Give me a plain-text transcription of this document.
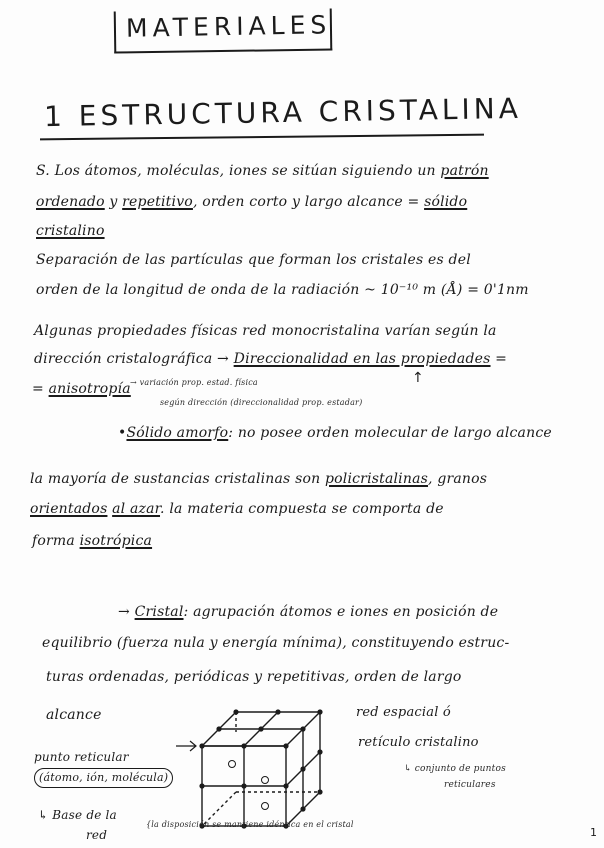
MATERIALES
1 ESTRUCTURA CRISTALINA

S. Los átomos, moléculas, iones se sitúan siguiendo un patrón

ordenado y repetitivo, orden corto y largo alcance = sólido

cristalino

Separación de las partículas que forman los cristales es del

orden de la longitud de onda de la radiación ~ 10⁻¹⁰ m (Å) = 0'1nm

Algunas propiedades físicas red monocristalina varían según la

dirección cristalográfica → Direccionalidad en las propiedades =

= anisotropía → variación prop. estad. física

según dirección (direccionalidad prop. estadar)

↑

•Sólido amorfo: no posee orden molecular de largo alcance

la mayoría de sustancias cristalinas son policristalinas, granos

orientados al azar. la materia compuesta se comporta de

forma isotrópica

→ Cristal: agrupación átomos e iones en posición de

equilibrio (fuerza nula y energía mínima), constituyendo estruc-

turas ordenadas, periódicas y repetitivas, orden de largo

alcance	red espacial ó

retículo cristalino

↳ conjunto de puntos

reticulares

punto reticular

(átomo, ión, molécula)

↳ Base de la

red

{la disposición se mantiene idéntica en el cristal

1
